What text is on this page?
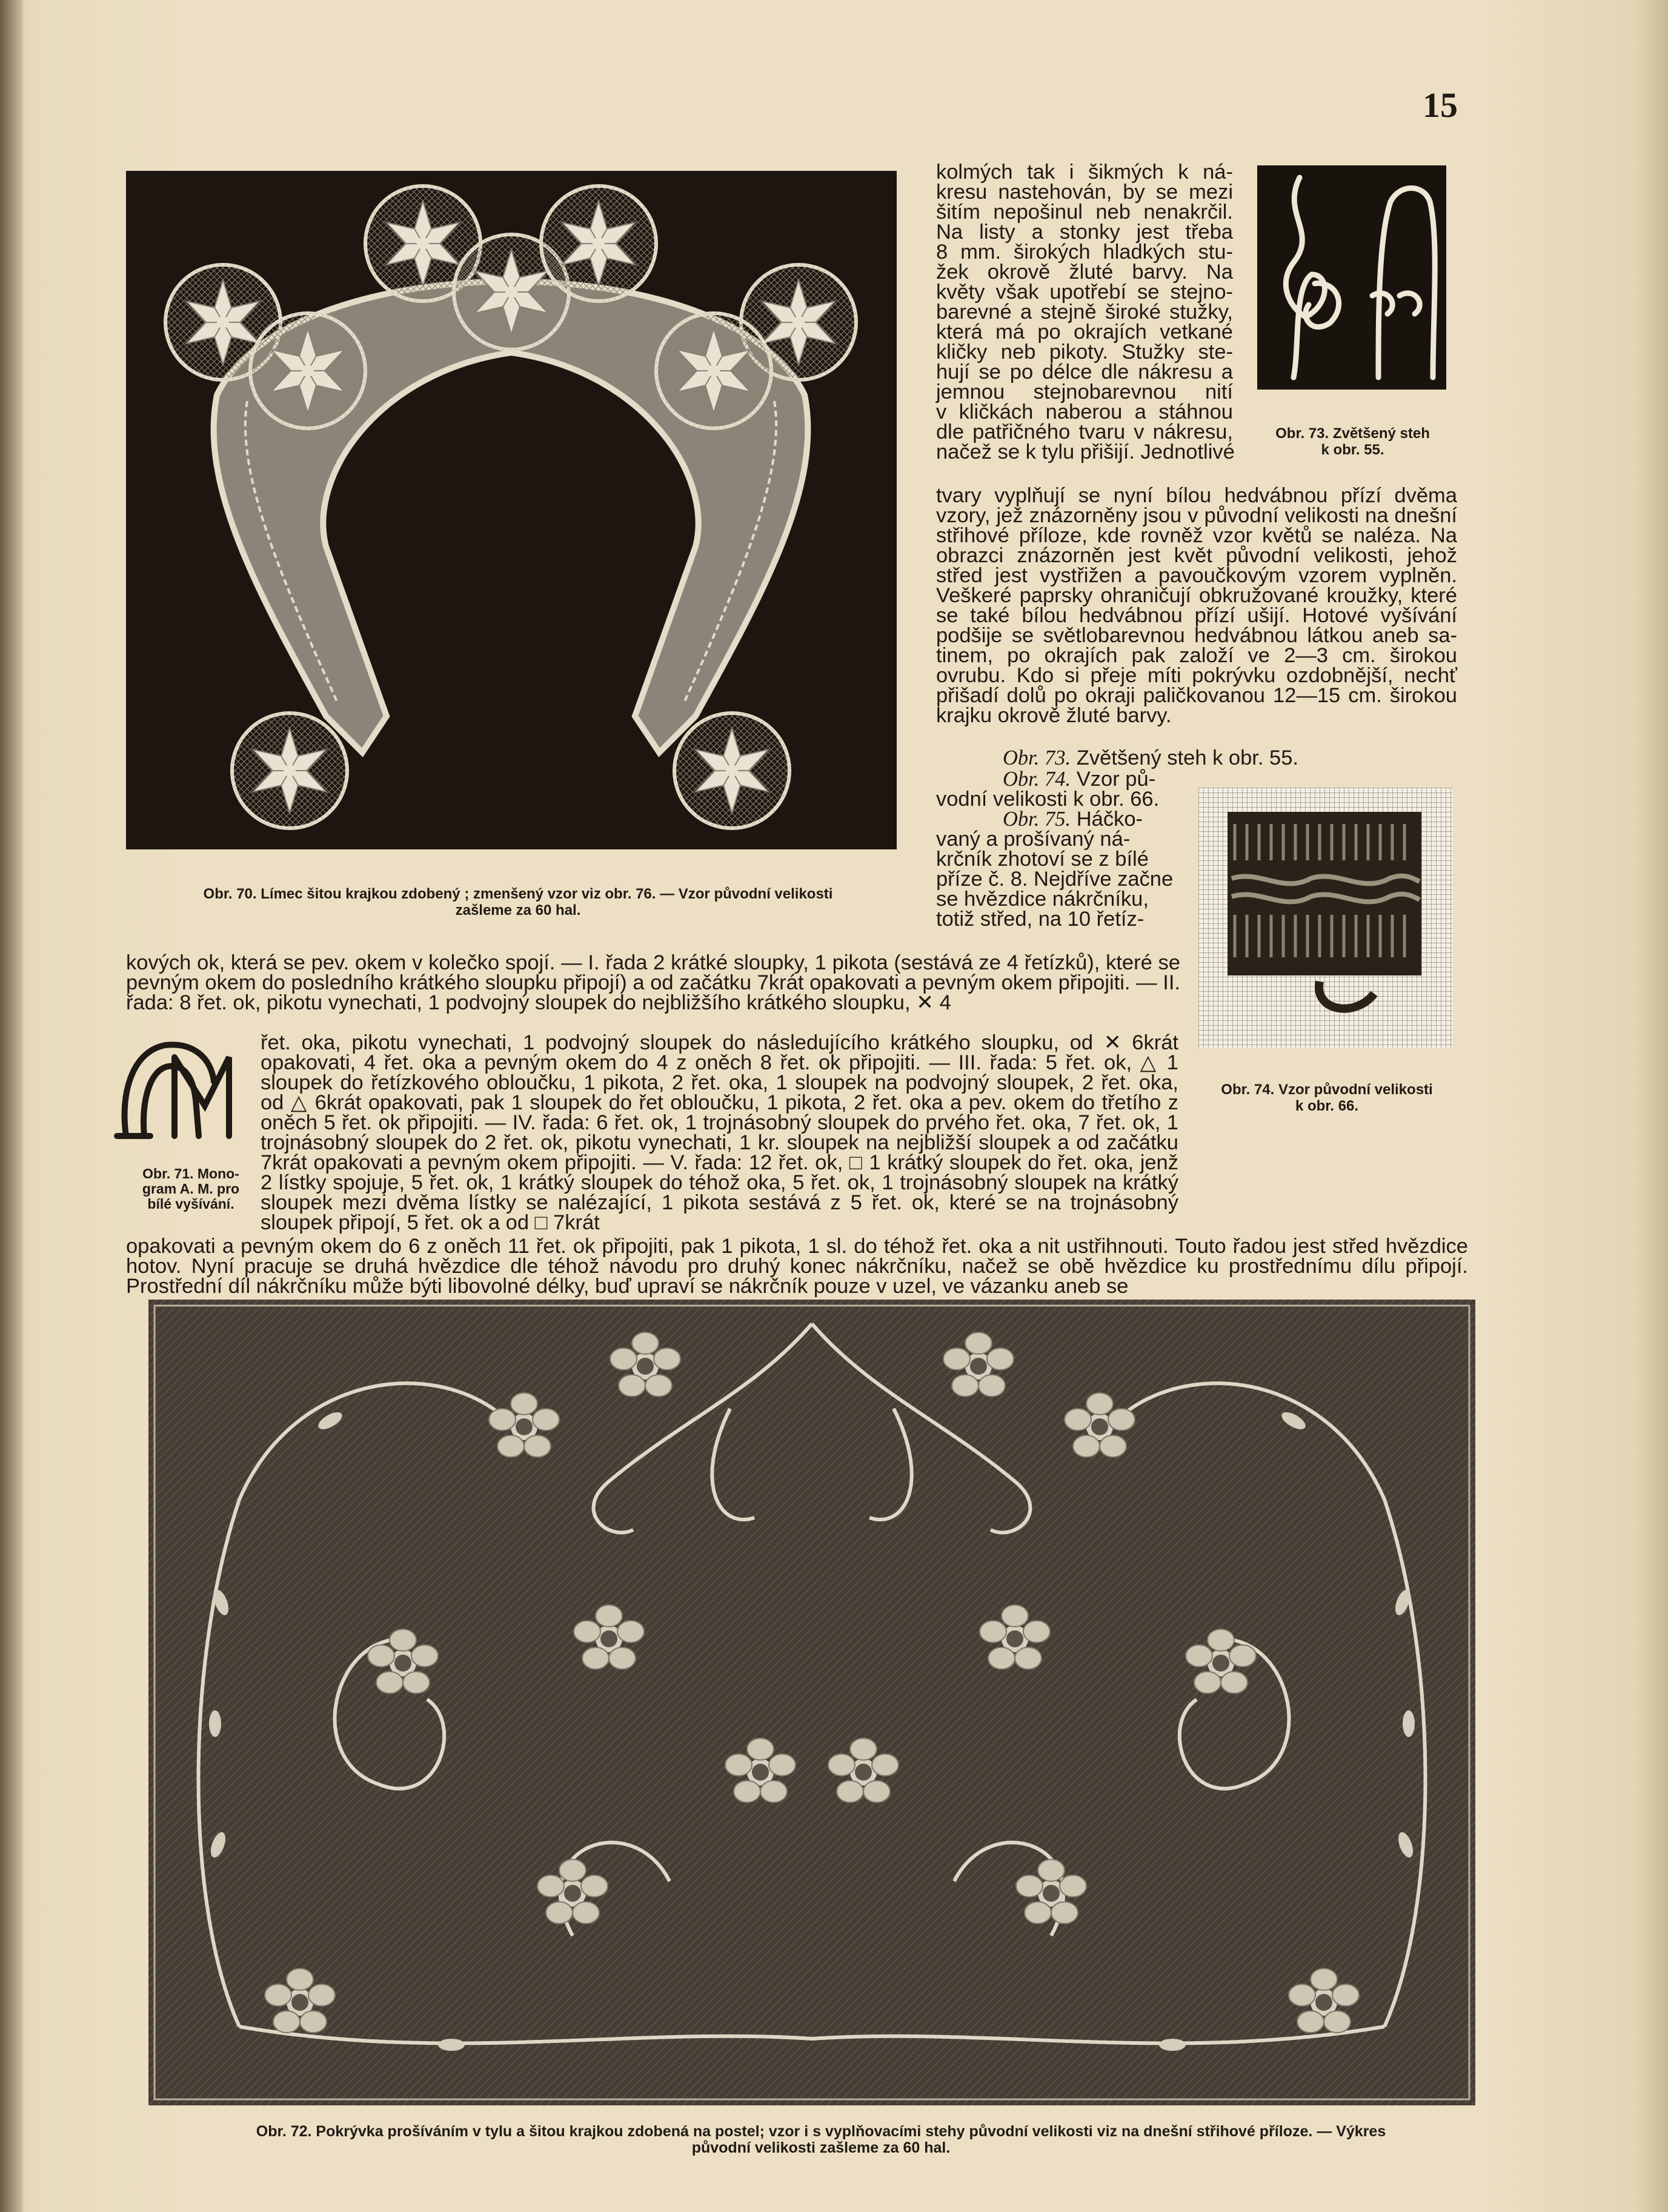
15
Obr. 70. Límec šitou krajkou zdobený ; zmenšený vzor viz obr. 76. — Vzor původní velikosti
zašleme za 60 hal.

kolmých tak i šikmých k ná-

kresu nastehován, by se mezi

šitím nepošinul neb nenakrčil.

Na listy a stonky jest třeba

8 mm. širokých hladkých stu-

žek okrově žluté barvy. Na

květy však upotřebí se stejno-

barevné a stejně široké stužky,

která má po okrajích vetkané

kličky neb pikoty. Stužky ste-

hují se po délce dle nákresu a

jemnou stejnobarevnou nití

v kličkách naberou a stáhnou

dle patřičného tvaru v nákresu,

načež se k tylu přišijí. Jednotlivé

Obr. 73. Zvětšený steh
k obr. 55.

tvary vyplňují se nyní bílou hedvábnou přízí dvěma vzory, jež znázorněny jsou v původní velikosti na dnešní střihové příloze, kde rovněž vzor květů se naléza. Na obrazci znázorněn jest květ původní velikosti, jehož střed jest vystřižen a pavoučkovým vzorem vyplněn. Veškeré paprsky ohraničují obkružované kroužky, které se také bílou hedvábnou přízí ušijí. Hotové vyšívání podšije se světlobarevnou hedvábnou látkou aneb sa-tinem, po okrajích pak založí ve 2—3 cm. širokou ovrubu. Kdo si přeje míti pokrývku ozdobnější, nechť přišadí dolů po okraji paličkovanou 12—15 cm. širokou krajku okrově žluté barvy.

Obr. 73. Zvětšený steh k obr. 55.

Obr. 74. Vzor pů-

vodní velikosti k obr. 66.

Obr. 75. Háčko-

vaný a prošívaný ná-

krčník zhotoví se z bílé

příze č. 8. Nejdříve začne

se hvězdice nákrčníku,

totiž střed, na 10 řetíz-

Obr. 74. Vzor původní velikosti
k obr. 66.

kových ok, která se pev. okem v kolečko spojí. — I. řada 2 krátké sloupky, 1 pikota (sestává ze 4 řetízků), které se pevným okem do posledního krátkého sloupku připojí) a od začátku 7krát opakovati a pevným okem připojiti. — II. řada: 8 řet. ok, pikotu vynechati, 1 podvojný sloupek do nejbližšího krátkého sloupku, ✕ 4

Obr. 71. Mono-
gram A. M. pro
bílé vyšívání.

řet. oka, pikotu vynechati, 1 podvojný sloupek do následujícího krátkého sloupku, od ✕ 6krát opakovati, 4 řet. oka a pevným okem do 4 z oněch 8 řet. ok připojiti. — III. řada: 5 řet. ok, △ 1 sloupek do řetízkového obloučku, 1 pikota, 2 řet. oka, 1 sloupek na podvojný sloupek, 2 řet. oka, od △ 6krát opakovati, pak 1 sloupek do řet obloučku, 1 pikota, 2 řet. oka a pev. okem do třetího z oněch 5 řet. ok připojiti. — IV. řada: 6 řet. ok, 1 trojnásobný sloupek do prvého řet. oka, 7 řet. ok, 1 trojnásobný sloupek do 2 řet. ok, pikotu vynechati, 1 kr. sloupek na nejbližší sloupek a od začátku 7krát opakovati a pevným okem připojiti. — V. řada: 12 řet. ok, □ 1 krátký sloupek do řet. oka, jenž 2 lístky spojuje, 5 řet. ok, 1 krátký sloupek do téhož oka, 5 řet. ok, 1 trojnásobný sloupek na krátký sloupek mezi dvěma lístky se nalézající, 1 pikota sestává z 5 řet. ok, které se na trojnásobný sloupek připojí, 5 řet. ok a od □ 7krát

opakovati a pevným okem do 6 z oněch 11 řet. ok připojiti, pak 1 pikota, 1 sl. do téhož řet. oka a nit ustřihnouti. Touto řadou jest střed hvězdice hotov. Nyní pracuje se druhá hvězdice dle téhož návodu pro druhý konec nákrčníku, načež se obě hvězdice ku prostřednímu dílu připojí. Prostřední díl nákrčníku může býti libovolné délky, buď upraví se nákrčník pouze v uzel, ve vázanku aneb se

Obr. 72. Pokrývka prošíváním v tylu a šitou krajkou zdobená na postel; vzor i s vyplňovacími stehy původní velikosti viz na dnešní střihové příloze. — Výkres
původní velikosti zašleme za 60 hal.
